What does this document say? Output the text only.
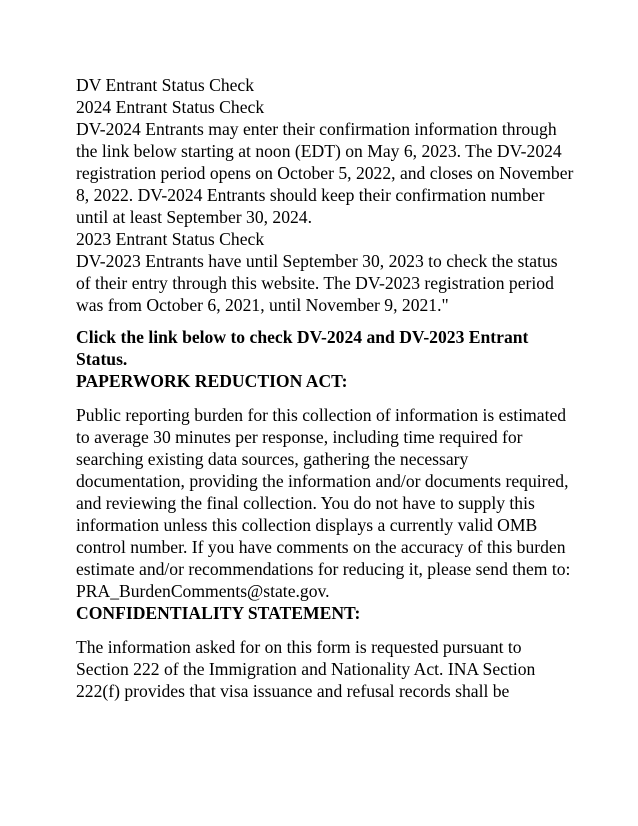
DV Entrant Status Check
2024 Entrant Status Check
DV-2024 Entrants may enter their confirmation information through the link below starting at noon (EDT) on May 6, 2023. The DV-2024 registration period opens on October 5, 2022, and closes on November 8, 2022. DV-2024 Entrants should keep their confirmation number until at least September 30, 2024.
2023 Entrant Status Check
DV-2023 Entrants have until September 30, 2023 to check the status of their entry through this website. The DV-2023 registration period was from October 6, 2021, until November 9, 2021."

Click the link below to check DV-2024 and DV-2023 Entrant Status.

PAPERWORK REDUCTION ACT:

Public reporting burden for this collection of information is estimated to average 30 minutes per response, including time required for searching existing data sources, gathering the necessary documentation, providing the information and/or documents required, and reviewing the final collection. You do not have to supply this information unless this collection displays a currently valid OMB control number. If you have comments on the accuracy of this burden estimate and/or recommendations for reducing it, please send them to: PRA_BurdenComments@state.gov.

CONFIDENTIALITY STATEMENT:

The information asked for on this form is requested pursuant to Section 222 of the Immigration and Nationality Act. INA Section 222(f) provides that visa issuance and refusal records shall be
